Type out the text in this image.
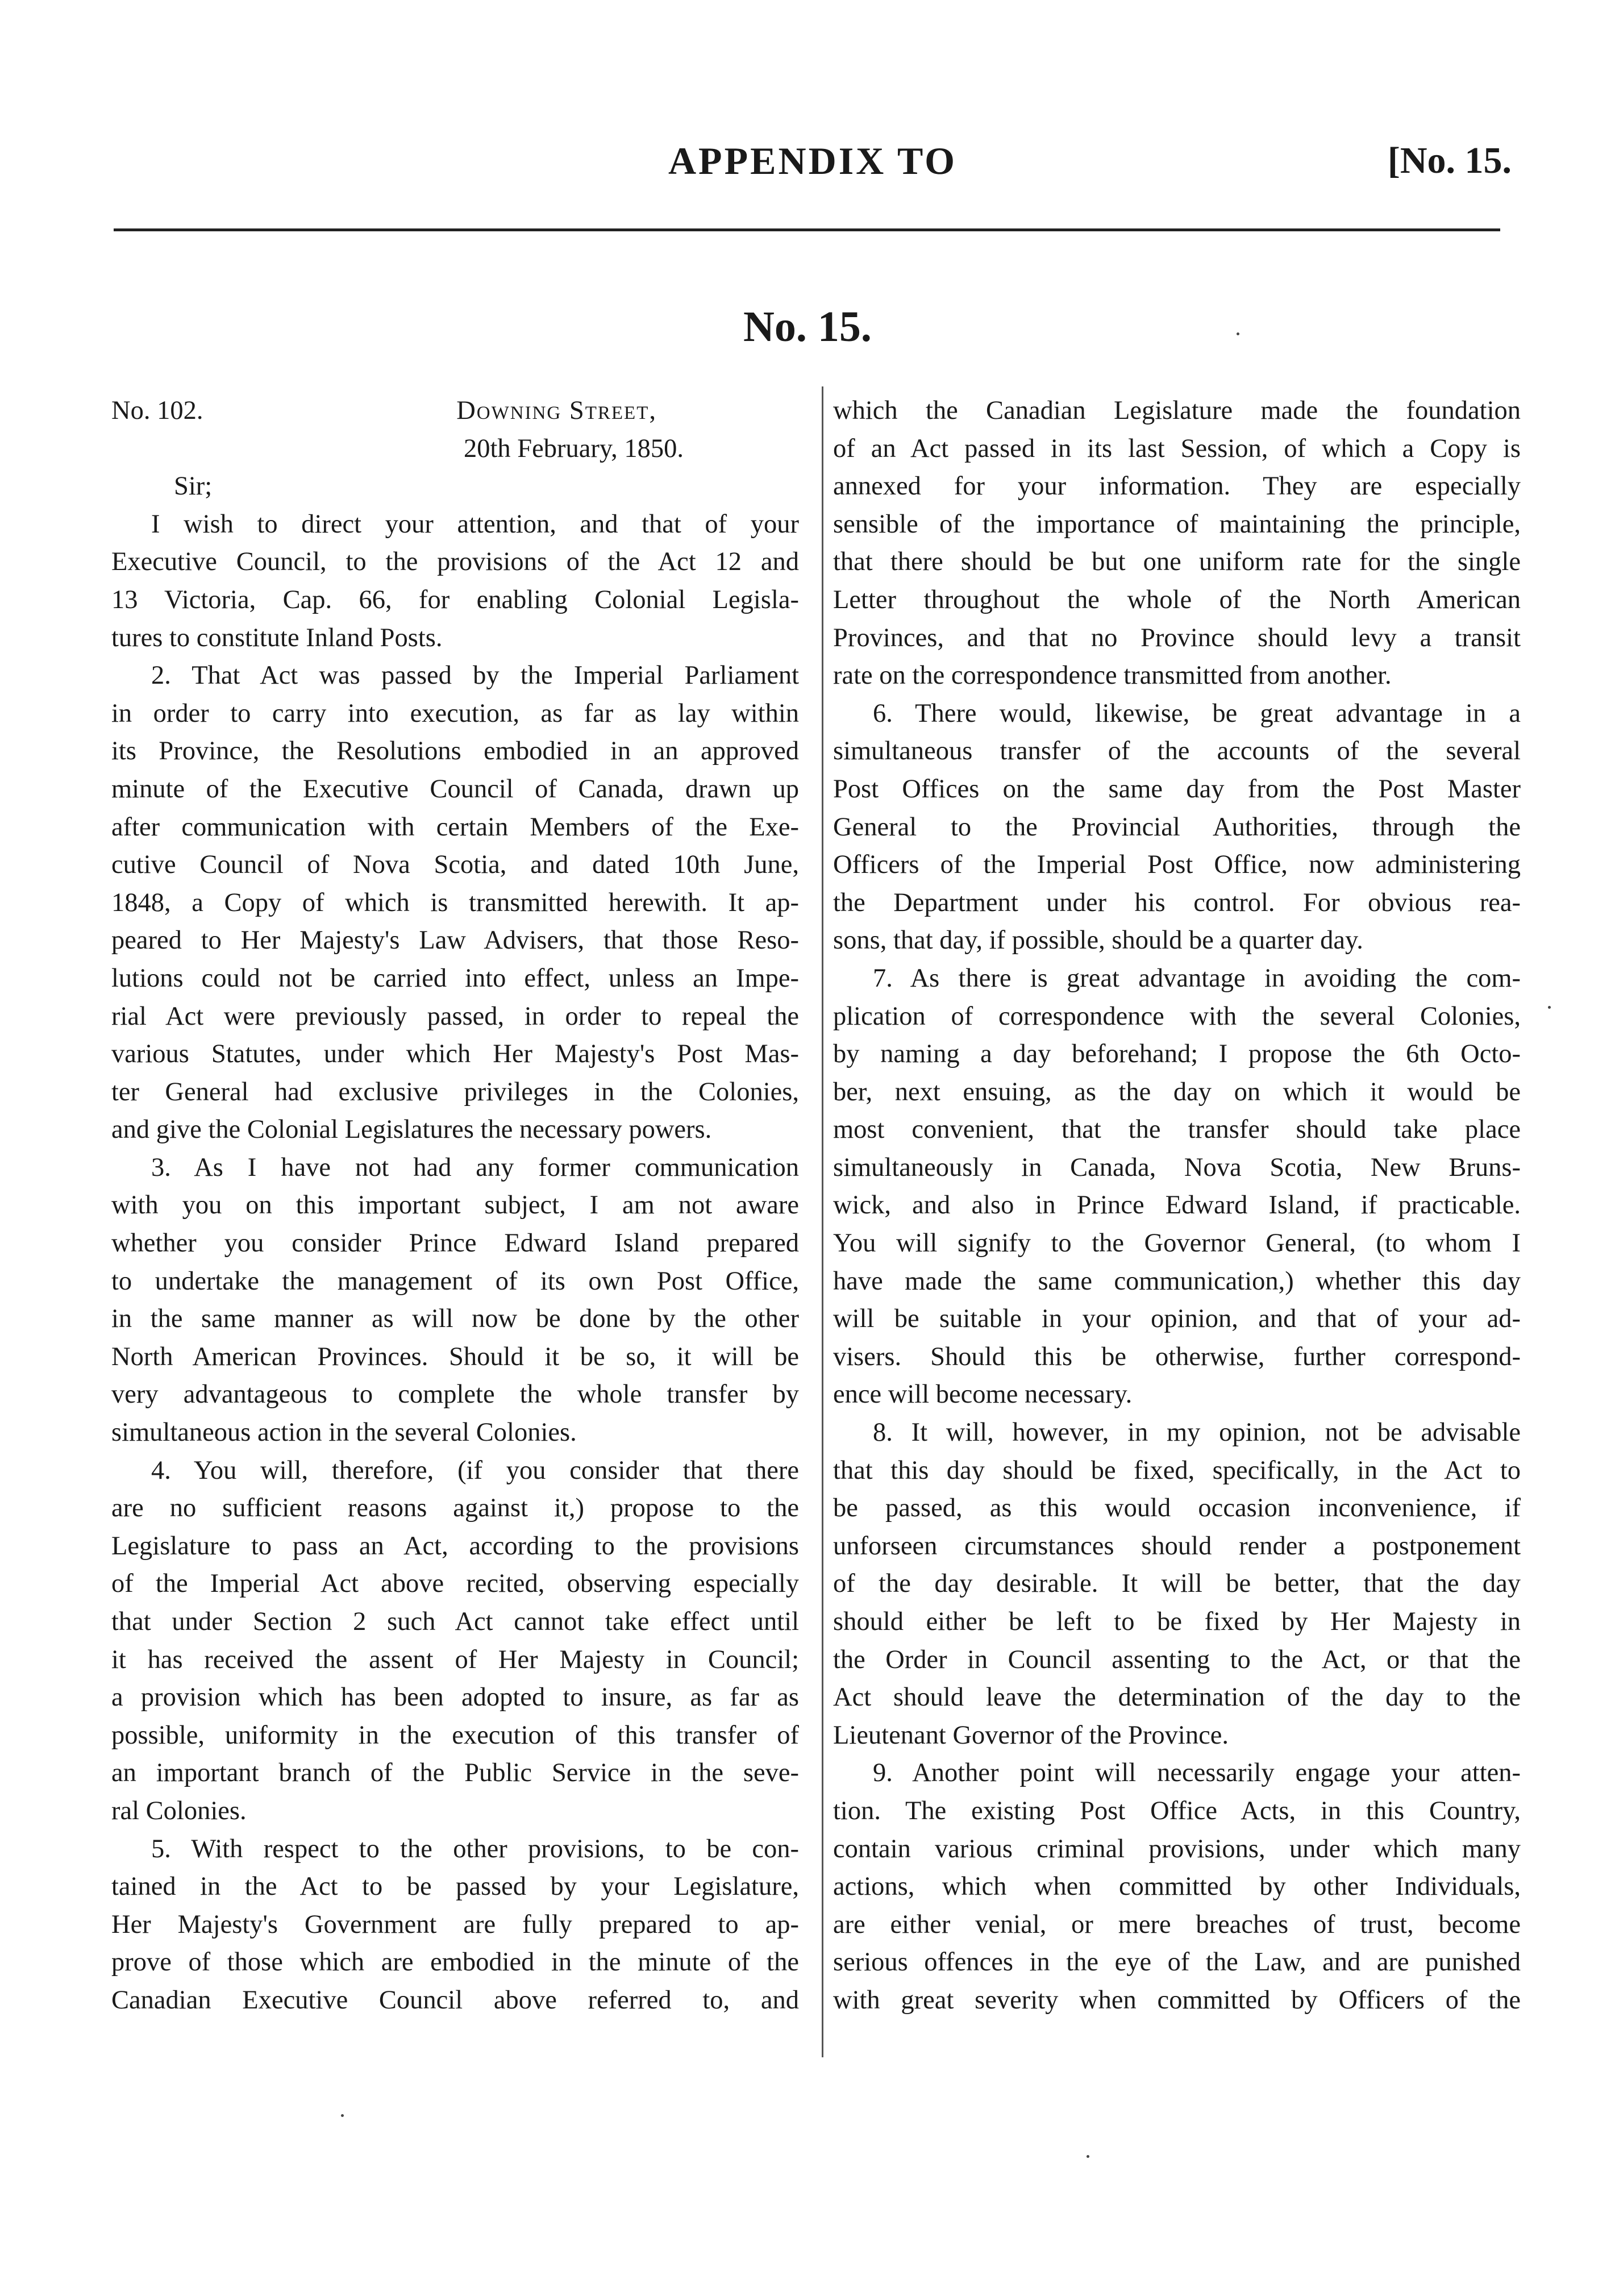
APPENDIX TO	[No. 15.
No. 15.
No. 102.	Downing Street,
20th February, 1850.
Sir;
I wish to direct your attention, and that of your
Executive Council, to the provisions of the Act 12 and
13 Victoria, Cap. 66, for enabling Colonial Legisla-
tures to constitute Inland Posts.
2. That Act was passed by the Imperial Parliament
in order to carry into execution, as far as lay within
its Province, the Resolutions embodied in an approved
minute of the Executive Council of Canada, drawn up
after communication with certain Members of the Exe-
cutive Council of Nova Scotia, and dated 10th June,
1848, a Copy of which is transmitted herewith. It ap-
peared to Her Majesty's Law Advisers, that those Reso-
lutions could not be carried into effect, unless an Impe-
rial Act were previously passed, in order to repeal the
various Statutes, under which Her Majesty's Post Mas-
ter General had exclusive privileges in the Colonies,
and give the Colonial Legislatures the necessary powers.
3. As I have not had any former communication
with you on this important subject, I am not aware
whether you consider Prince Edward Island prepared
to undertake the management of its own Post Office,
in the same manner as will now be done by the other
North American Provinces. Should it be so, it will be
very advantageous to complete the whole transfer by
simultaneous action in the several Colonies.
4. You will, therefore, (if you consider that there
are no sufficient reasons against it,) propose to the
Legislature to pass an Act, according to the provisions
of the Imperial Act above recited, observing especially
that under Section 2 such Act cannot take effect until
it has received the assent of Her Majesty in Council;
a provision which has been adopted to insure, as far as
possible, uniformity in the execution of this transfer of
an important branch of the Public Service in the seve-
ral Colonies.
5. With respect to the other provisions, to be con-
tained in the Act to be passed by your Legislature,
Her Majesty's Government are fully prepared to ap-
prove of those which are embodied in the minute of the
Canadian Executive Council above referred to, and
which the Canadian Legislature made the foundation
of an Act passed in its last Session, of which a Copy is
annexed for your information. They are especially
sensible of the importance of maintaining the principle,
that there should be but one uniform rate for the single
Letter throughout the whole of the North American
Provinces, and that no Province should levy a transit
rate on the correspondence transmitted from another.
6. There would, likewise, be great advantage in a
simultaneous transfer of the accounts of the several
Post Offices on the same day from the Post Master
General to the Provincial Authorities, through the
Officers of the Imperial Post Office, now administering
the Department under his control. For obvious rea-
sons, that day, if possible, should be a quarter day.
7. As there is great advantage in avoiding the com-
plication of correspondence with the several Colonies,
by naming a day beforehand; I propose the 6th Octo-
ber, next ensuing, as the day on which it would be
most convenient, that the transfer should take place
simultaneously in Canada, Nova Scotia, New Bruns-
wick, and also in Prince Edward Island, if practicable.
You will signify to the Governor General, (to whom I
have made the same communication,) whether this day
will be suitable in your opinion, and that of your ad-
visers. Should this be otherwise, further correspond-
ence will become necessary.
8. It will, however, in my opinion, not be advisable
that this day should be fixed, specifically, in the Act to
be passed, as this would occasion inconvenience, if
unforseen circumstances should render a postponement
of the day desirable. It will be better, that the day
should either be left to be fixed by Her Majesty in
the Order in Council assenting to the Act, or that the
Act should leave the determination of the day to the
Lieutenant Governor of the Province.
9. Another point will necessarily engage your atten-
tion. The existing Post Office Acts, in this Country,
contain various criminal provisions, under which many
actions, which when committed by other Individuals,
are either venial, or mere breaches of trust, become
serious offences in the eye of the Law, and are punished
with great severity when committed by Officers of the
